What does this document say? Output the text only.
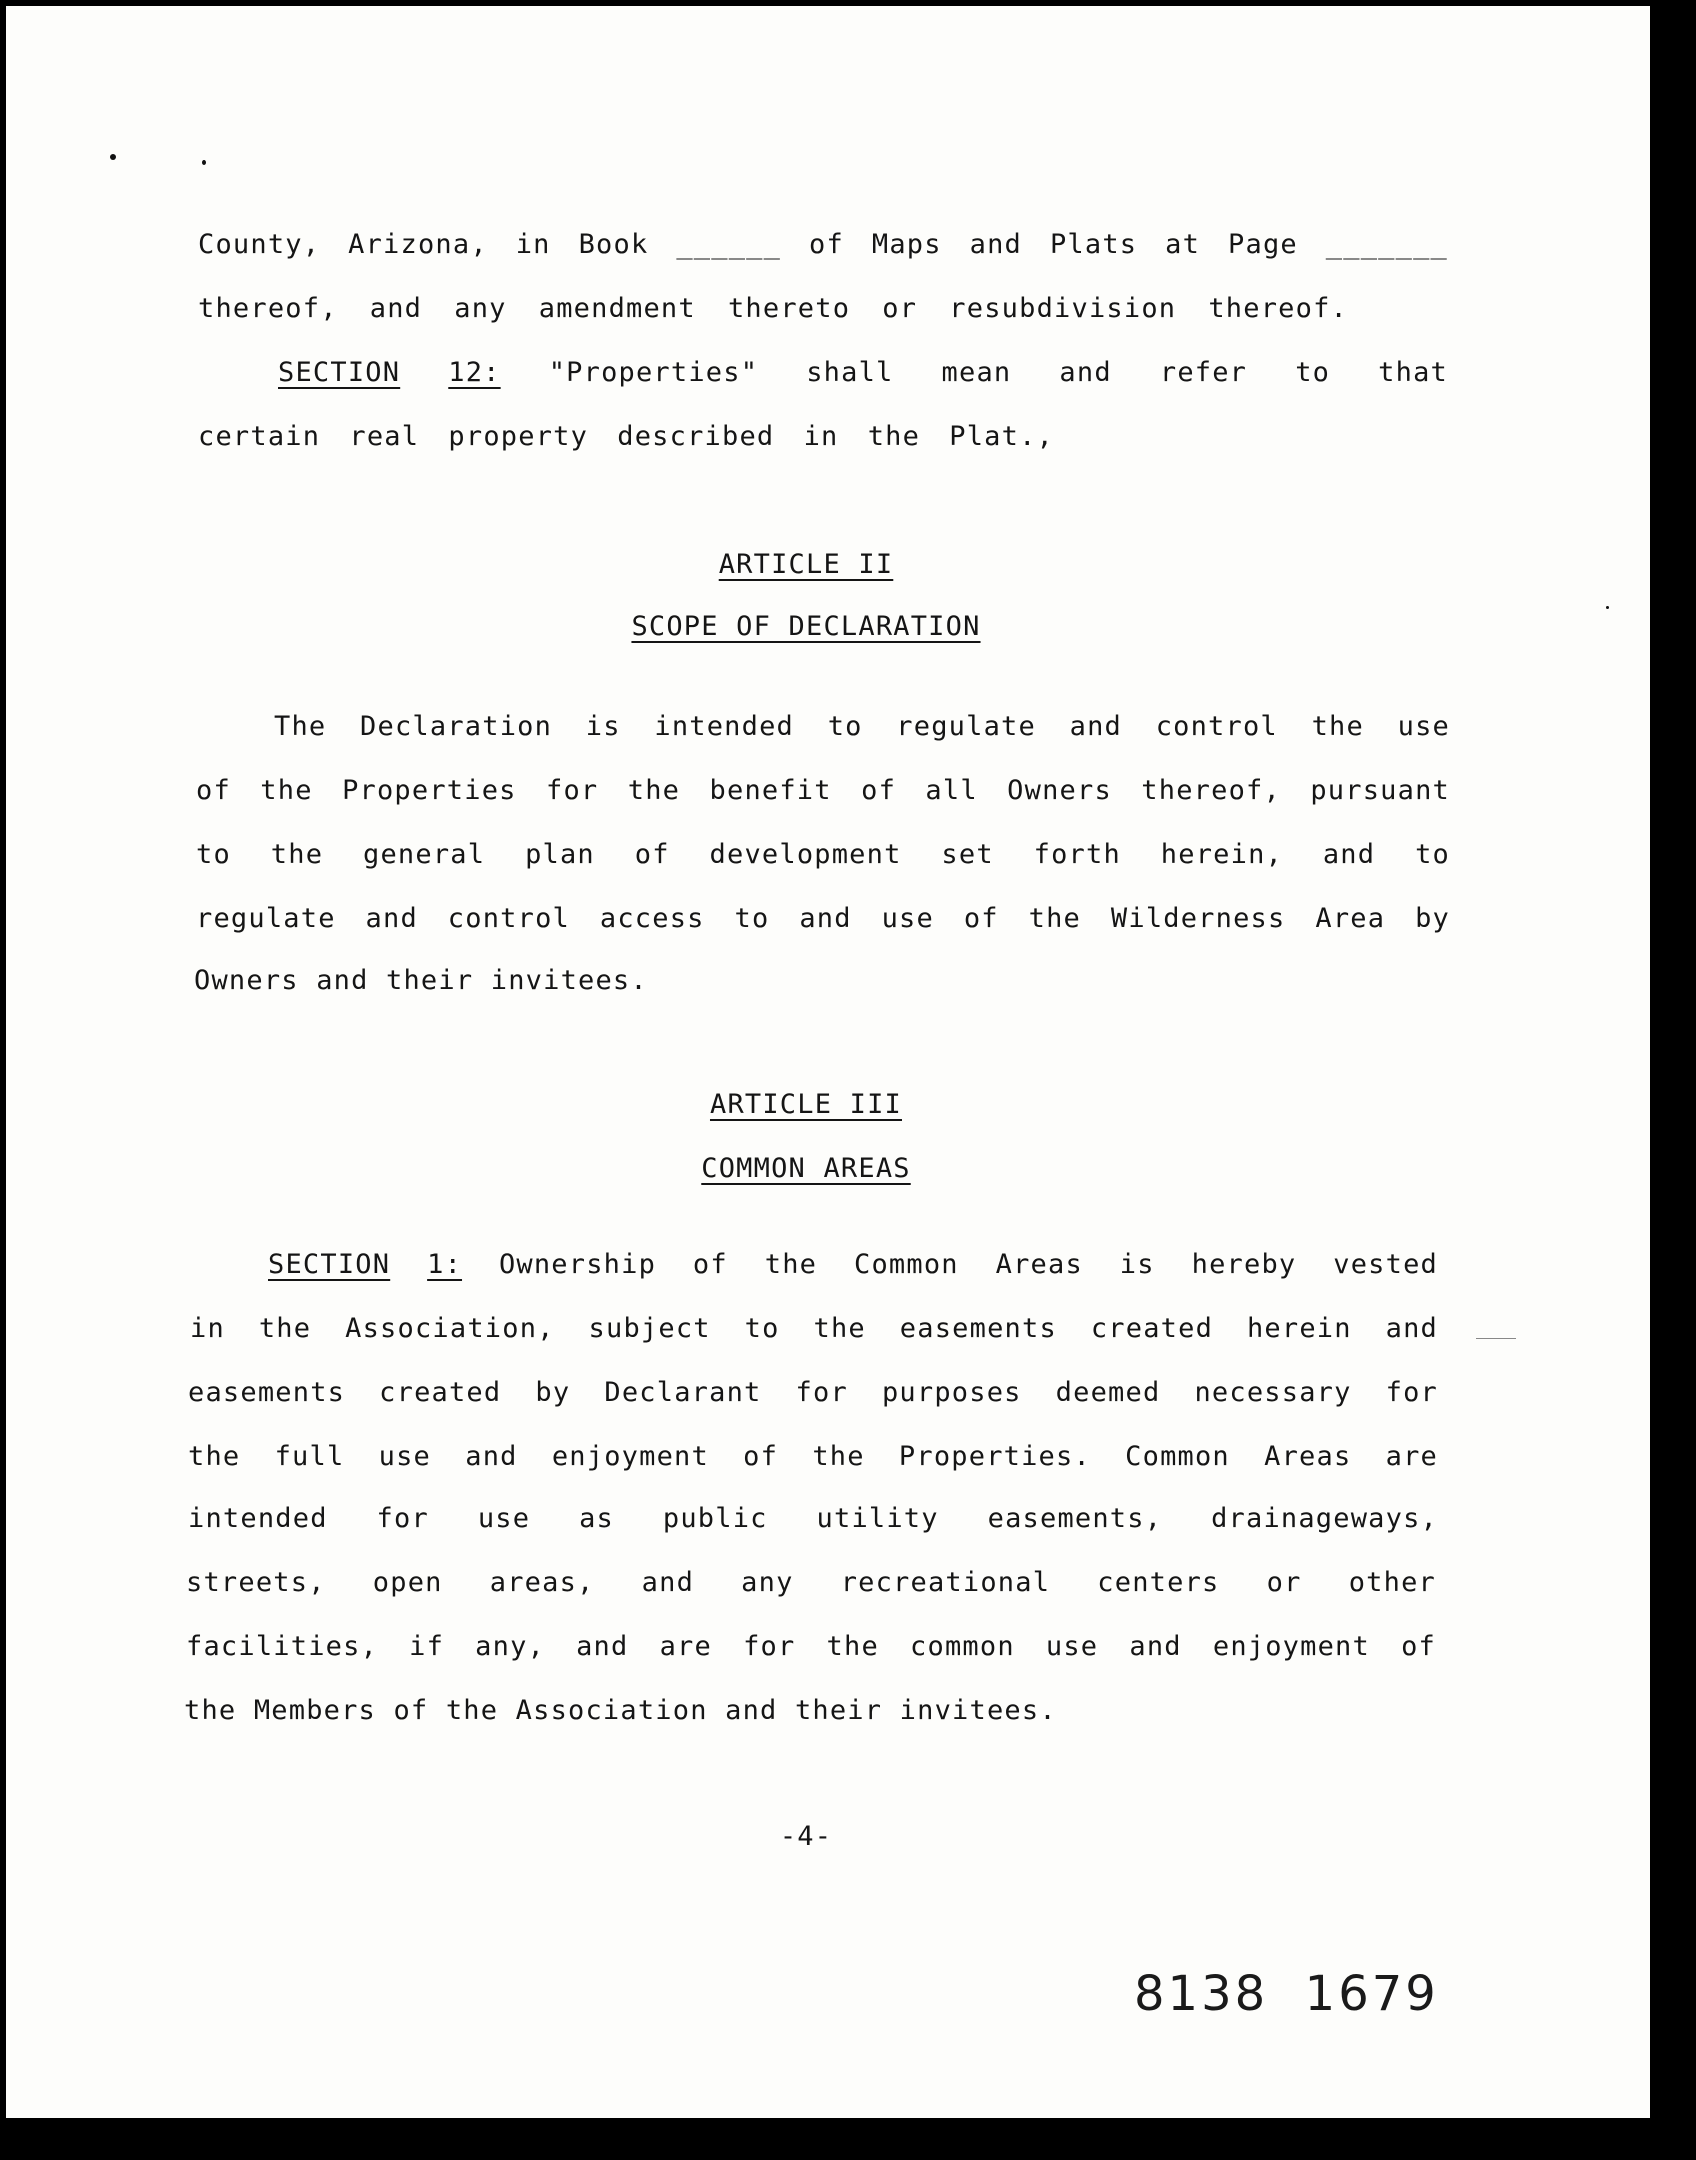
County, Arizona, in Book ______ of Maps and Plats at Page _______
thereof, and any amendment thereto or resubdivision thereof.
SECTION 12: "Properties" shall mean and refer to that
certain real property described in the Plat.,
ARTICLE II
SCOPE OF DECLARATION
The Declaration is intended to regulate and control the use
of the Properties for the benefit of all Owners thereof, pursuant
to the general plan of development set forth herein, and to
regulate and control access to and use of the Wilderness Area by
Owners and their invitees.
ARTICLE III
COMMON AREAS
SECTION 1: Ownership of the Common Areas is hereby vested
in the Association, subject to the easements created herein and
easements created by Declarant for purposes deemed necessary for
the full use and enjoyment of the Properties. Common Areas are
intended for use as public utility easements, drainageways,
streets, open areas, and any recreational centers or other
facilities, if any, and are for the common use and enjoyment of
the Members of the Association and their invitees.
-4-
8138  1679
